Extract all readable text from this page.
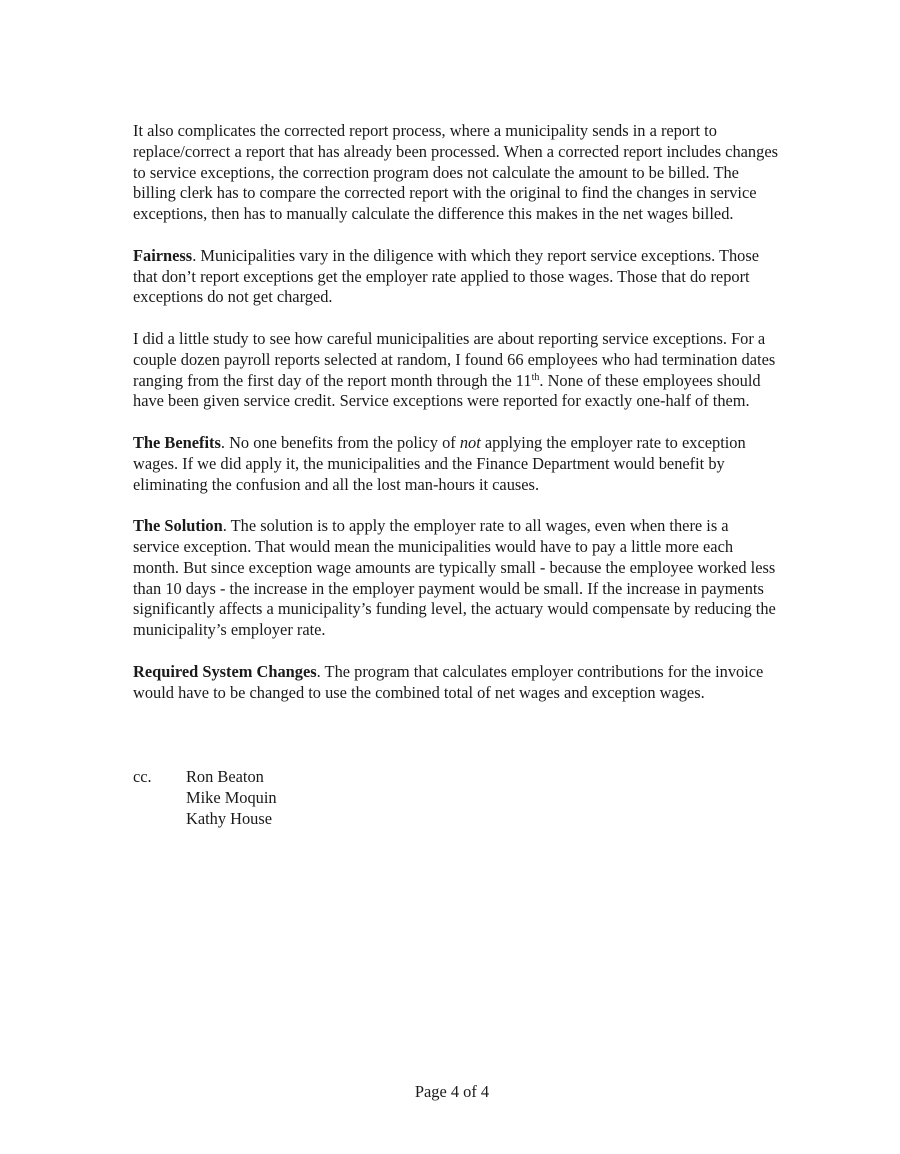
It also complicates the corrected report process, where a municipality sends in a report to replace/correct a report that has already been processed. When a corrected report includes changes to service exceptions, the correction program does not calculate the amount to be billed. The billing clerk has to compare the corrected report with the original to find the changes in service exceptions, then has to manually calculate the difference this makes in the net wages billed.

Fairness. Municipalities vary in the diligence with which they report service exceptions. Those that don’t report exceptions get the employer rate applied to those wages. Those that do report exceptions do not get charged.

I did a little study to see how careful municipalities are about reporting service exceptions. For a couple dozen payroll reports selected at random, I found 66 employees who had termination dates ranging from the first day of the report month through the 11th. None of these employees should have been given service credit. Service exceptions were reported for exactly one-half of them.

The Benefits. No one benefits from the policy of not applying the employer rate to exception wages. If we did apply it, the municipalities and the Finance Department would benefit by eliminating the confusion and all the lost man-hours it causes.

The Solution. The solution is to apply the employer rate to all wages, even when there is a service exception. That would mean the municipalities would have to pay a little more each month. But since exception wage amounts are typically small - because the employee worked less than 10 days - the increase in the employer payment would be small. If the increase in payments significantly affects a municipality’s funding level, the actuary would compensate by reducing the municipality’s employer rate.

Required System Changes. The program that calculates employer contributions for the invoice would have to be changed to use the combined total of net wages and exception wages.

cc.	Ron Beaton
Mike Moquin
Kathy House
Page 4 of 4
